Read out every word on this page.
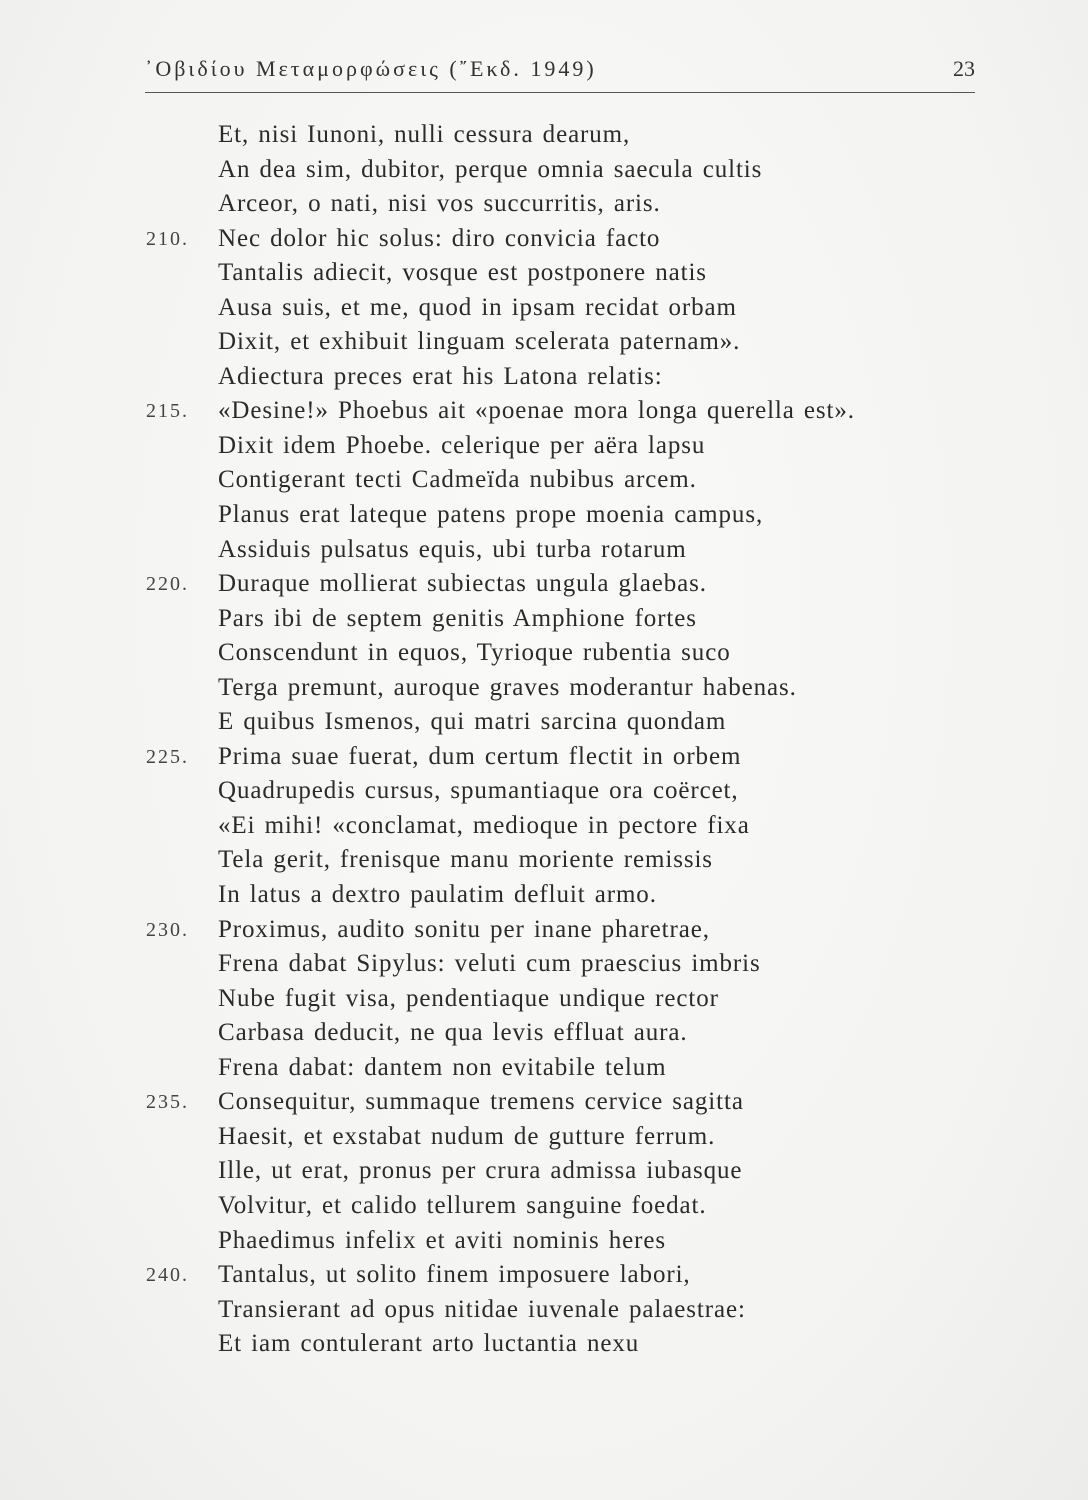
᾿Οβιδίου Μεταμορφώσεις (῎Εκδ. 1949)	23
Et, nisi Iunoni, nulli cessura dearum,
An dea sim, dubitor, perque omnia saecula cultis
Arceor, o nati, nisi vos succurritis, aris.
210. Nec dolor hic solus: diro convicia facto
Tantalis adiecit, vosque est postponere natis
Ausa suis, et me, quod in ipsam recidat orbam
Dixit, et exhibuit linguam scelerata paternam».
Adiectura preces erat his Latona relatis:
215. «Desine!» Phoebus ait «poenae mora longa querella est».
Dixit idem Phoebe. celerique per aëra lapsu
Contigerant tecti Cadmeïda nubibus arcem.
Planus erat lateque patens prope moenia campus,
Assiduis pulsatus equis, ubi turba rotarum
220. Duraque mollierat subiectas ungula glaebas.
Pars ibi de septem genitis Amphione fortes
Conscendunt in equos, Tyrioque rubentia suco
Terga premunt, auroque graves moderantur habenas.
E quibus Ismenos, qui matri sarcina quondam
225. Prima suae fuerat, dum certum flectit in orbem
Quadrupedis cursus, spumantiaque ora coërcet,
«Ei mihi! «conclamat, medioque in pectore fixa
Tela gerit, frenisque manu moriente remissis
In latus a dextro paulatim defluit armo.
230. Proximus, audito sonitu per inane pharetrae,
Frena dabat Sipylus: veluti cum praescius imbris
Nube fugit visa, pendentiaque undique rector
Carbasa deducit, ne qua levis effluat aura.
Frena dabat: dantem non evitabile telum
235. Consequitur, summaque tremens cervice sagitta
Haesit, et exstabat nudum de gutture ferrum.
Ille, ut erat, pronus per crura admissa iubasque
Volvitur, et calido tellurem sanguine foedat.
Phaedimus infelix et aviti nominis heres
240. Tantalus, ut solito finem imposuere labori,
Transierant ad opus nitidae iuvenale palaestrae:
Et iam contulerant arto luctantia nexu
